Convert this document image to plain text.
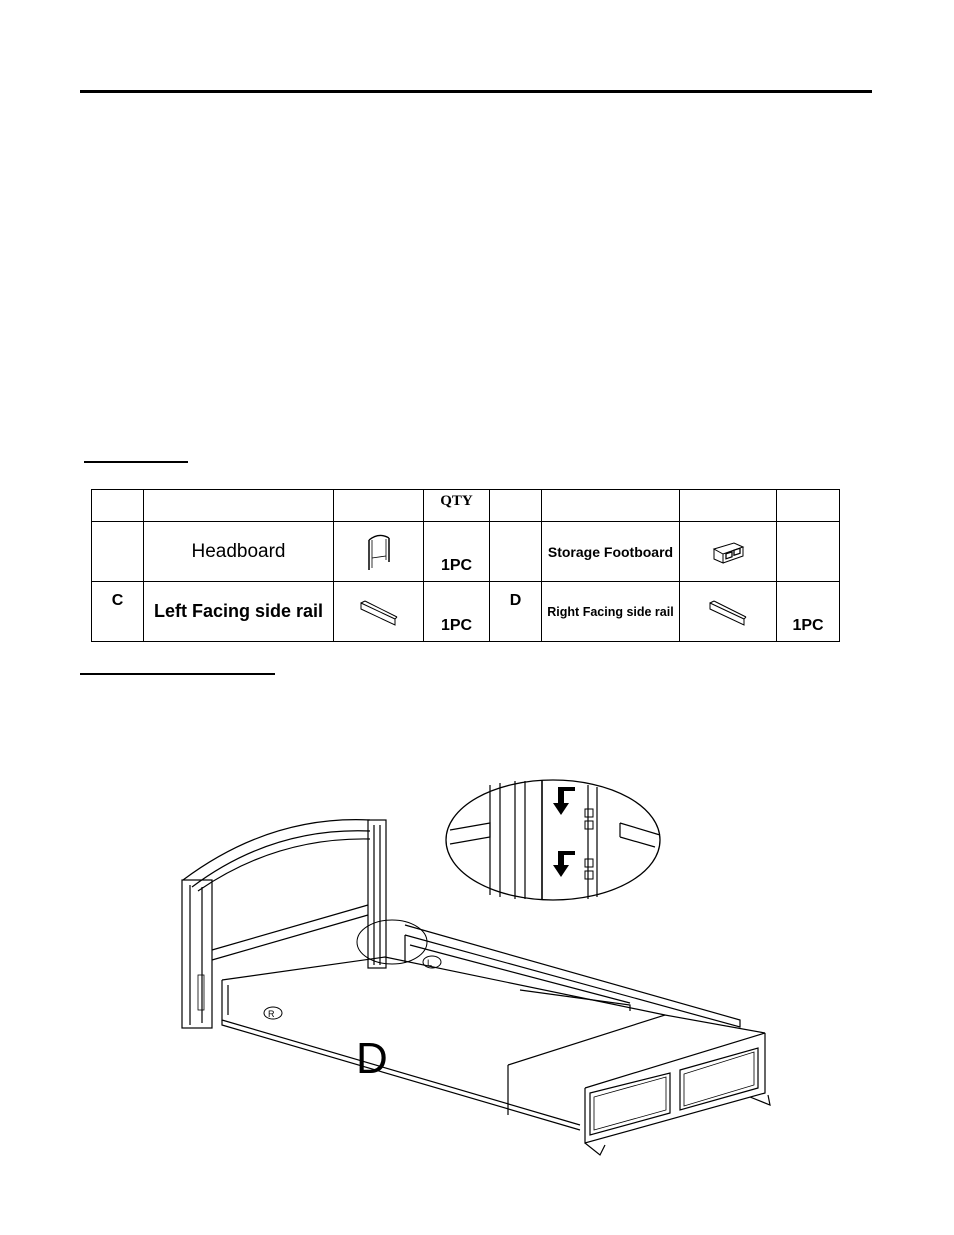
			QTY				
	Headboard		1PC		Storage Footboard	

C	Left Facing side rail		1PC	D	Right Facing side rail		1PC
L
R
D
